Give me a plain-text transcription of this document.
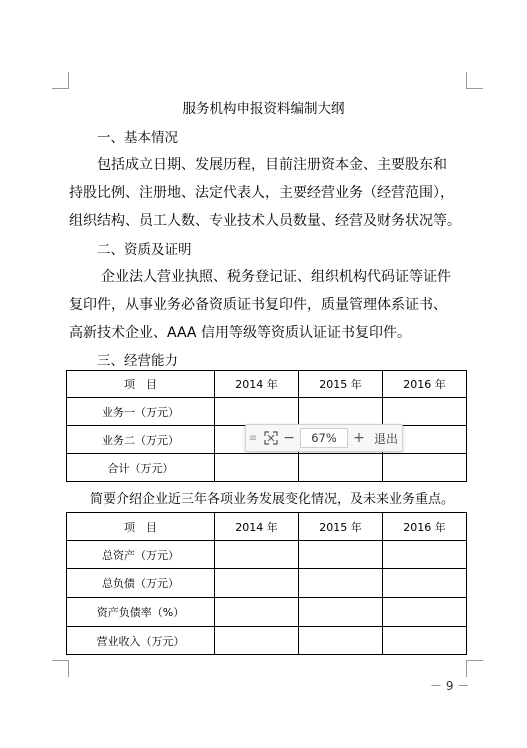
服务机构申报资料编制大纲
一、基本情况
包括成立日期、发展历程，目前注册资本金、主要股东和
持股比例、注册地、法定代表人，主要经营业务（经营范围），
组织结构、员工人数、专业技术人员数量、经营及财务状况等。
二、资质及证明
企业法人营业执照、税务登记证、组织机构代码证等证件
复印件，从事业务必备资质证书复印件，质量管理体系证书、
高新技术企业、AAA 信用等级等资质认证证书复印件。
三、经营能力
项　目	2014 年	2015 年	2016 年
业务一（万元）			
业务二（万元）			
合计（万元）			
简要介绍企业近三年各项业务发展变化情况，及未来业务重点。
项　目	2014 年	2015 年	2016 年
总资产（万元）			
总负债（万元）			
资产负债率（%）			
营业收入（万元）			
≡ −	67%	+ 退出
－ 9 －
